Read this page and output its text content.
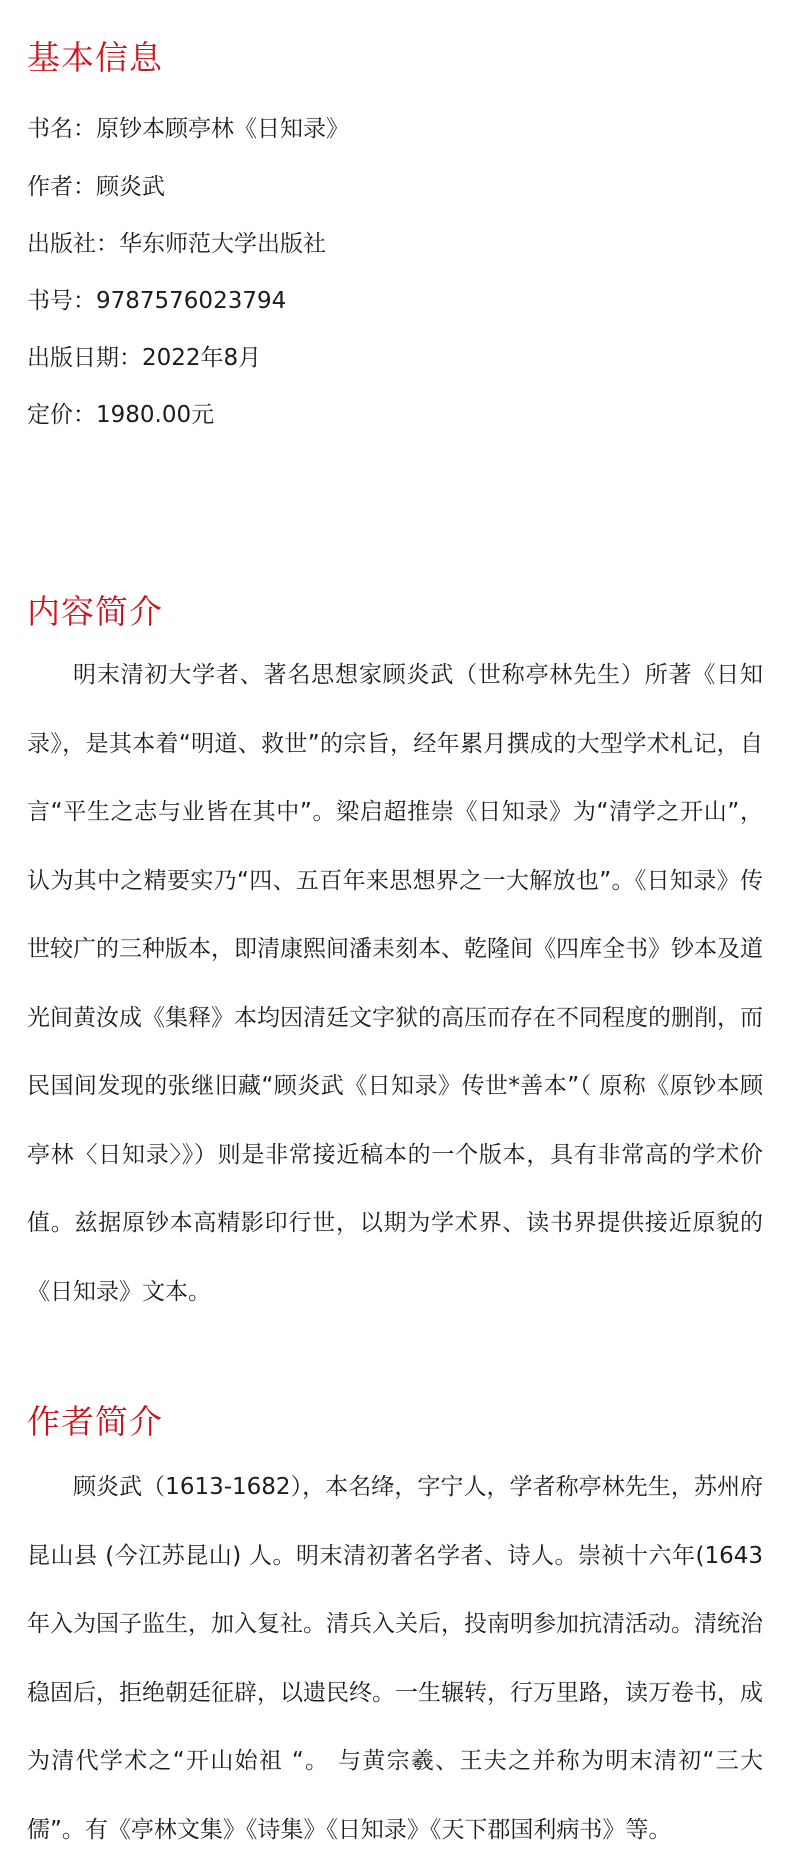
基本信息
书名：原钞本顾亭林《日知录》
作者：顾炎武
出版社：华东师范大学出版社
书号：9787576023794
出版日期：2022年8月
定价：1980.00元
内容简介

明末清初大学者、著名思想家顾炎武（世称亭林先生）所著《日知录》，是其本着“明道、救世”的宗旨，经年累月撰成的大型学术札记，自言“平生之志与业皆在其中”。梁启超推崇《日知录》为“清学之开山”，认为其中之精要实乃“四、五百年来思想界之一大解放也”。《日知录》传世较广的三种版本，即清康熙间潘耒刻本、乾隆间《四库全书》钞本及道光间黄汝成《集释》本均因清廷文字狱的高压而存在不同程度的删削，而民国间发现的张继旧藏“顾炎武《日知录》传世*善本”（ 原称《原钞本顾亭林〈日知录〉》）则是非常接近稿本的一个版本，具有非常高的学术价值。兹据原钞本高精影印行世，以期为学术界、读书界提供接近原貌的《日知录》文本。

作者简介

顾炎武（1613-1682），本名绛，字宁人，学者称亭林先生，苏州府昆山县 (今江苏昆山) 人。明末清初著名学者、诗人。崇祯十六年(1643年入为国子监生，加入复社。清兵入关后，投南明参加抗清活动。清统治稳固后，拒绝朝廷征辟，以遗民终。一生辗转，行万里路，读万卷书，成为清代学术之“开山始祖 “。 与黄宗羲、王夫之并称为明末清初“三大儒”。有《亭林文集》《诗集》《日知录》《天下郡国利病书》等。
